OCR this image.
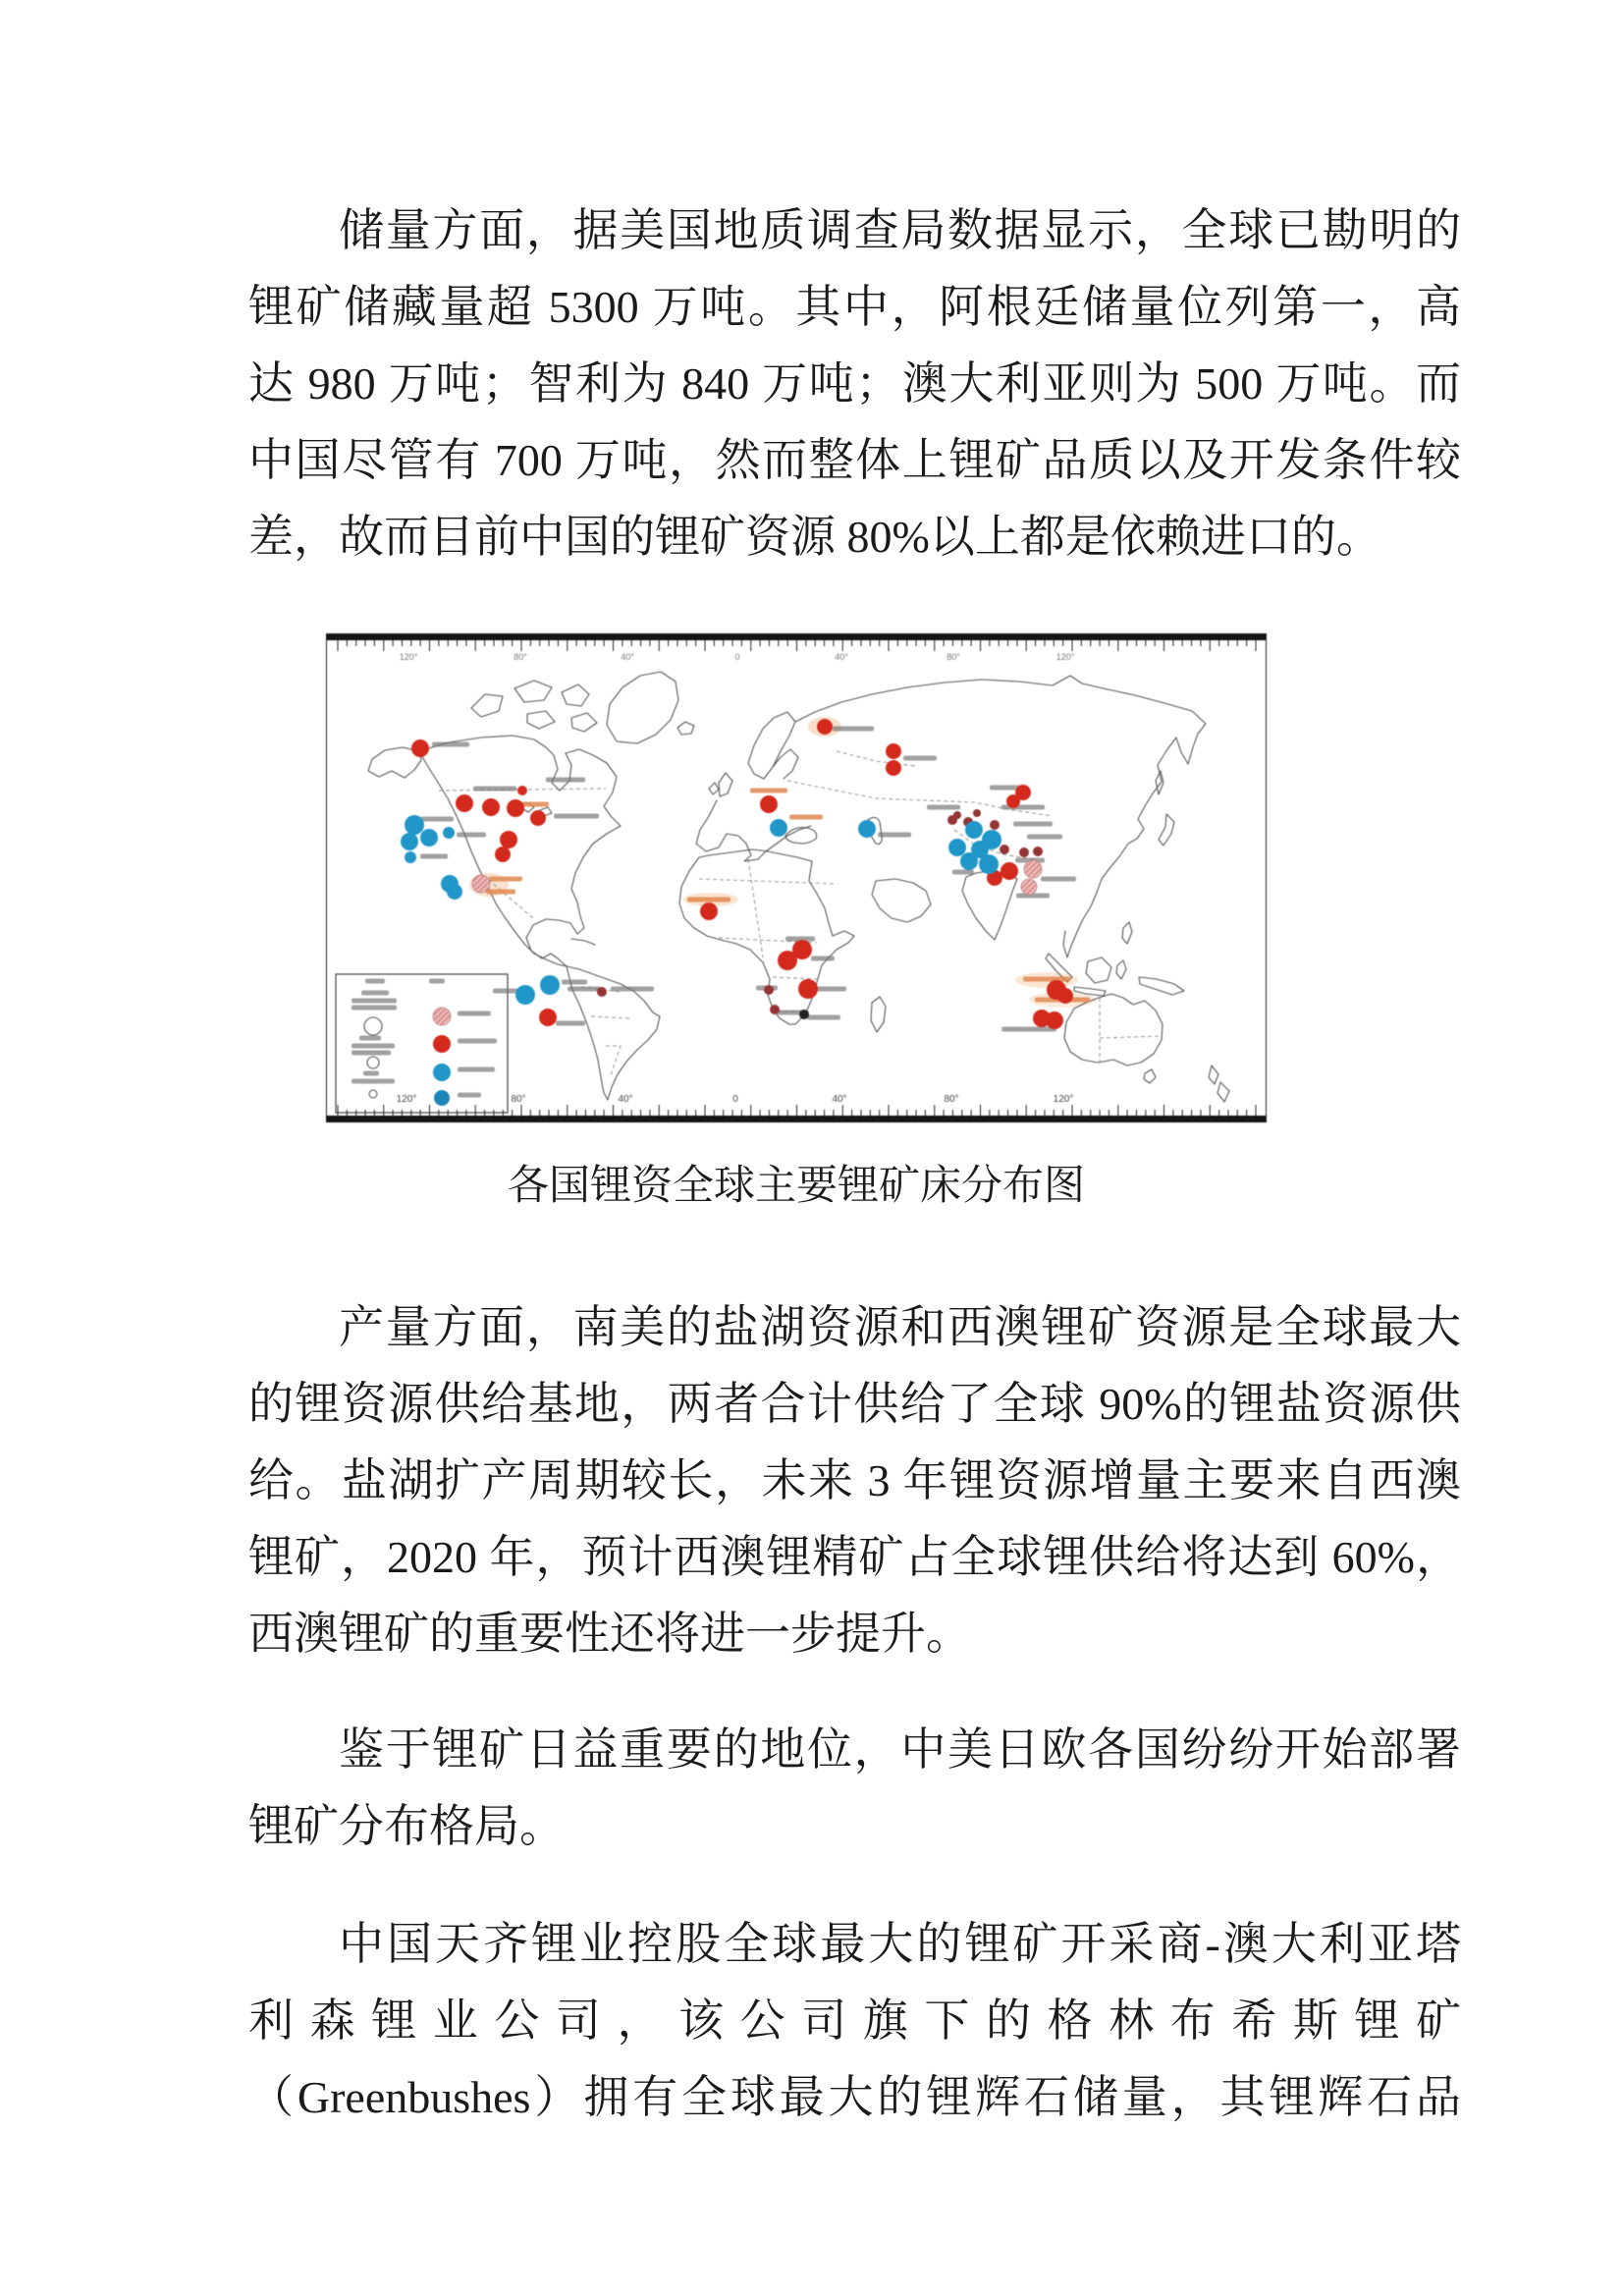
储量方面，据美国地质调查局数据显示，全球已勘明的
锂矿储藏量超 5300 万吨。其中，阿根廷储量位列第一，高
达 980 万吨；智利为 840 万吨；澳大利亚则为 500 万吨。而
中国尽管有 700 万吨，然而整体上锂矿品质以及开发条件较
差，故而目前中国的锂矿资源 80%以上都是依赖进口的。
120°
120°
80°
80°
40°
40°
0
0
40°
40°
80°
80°
120°
120°
各国锂资全球主要锂矿床分布图
产量方面，南美的盐湖资源和西澳锂矿资源是全球最大
的锂资源供给基地，两者合计供给了全球 90%的锂盐资源供
给。盐湖扩产周期较长，未来 3 年锂资源增量主要来自西澳
锂矿，2020 年，预计西澳锂精矿占全球锂供给将达到 60%，
西澳锂矿的重要性还将进一步提升。
鉴于锂矿日益重要的地位，中美日欧各国纷纷开始部署
锂矿分布格局。
中国天齐锂业控股全球最大的锂矿开采商-澳大利亚塔
利森锂业公司，该公司旗下的格林布希斯锂矿
（Greenbushes）拥有全球最大的锂辉石储量，其锂辉石品
